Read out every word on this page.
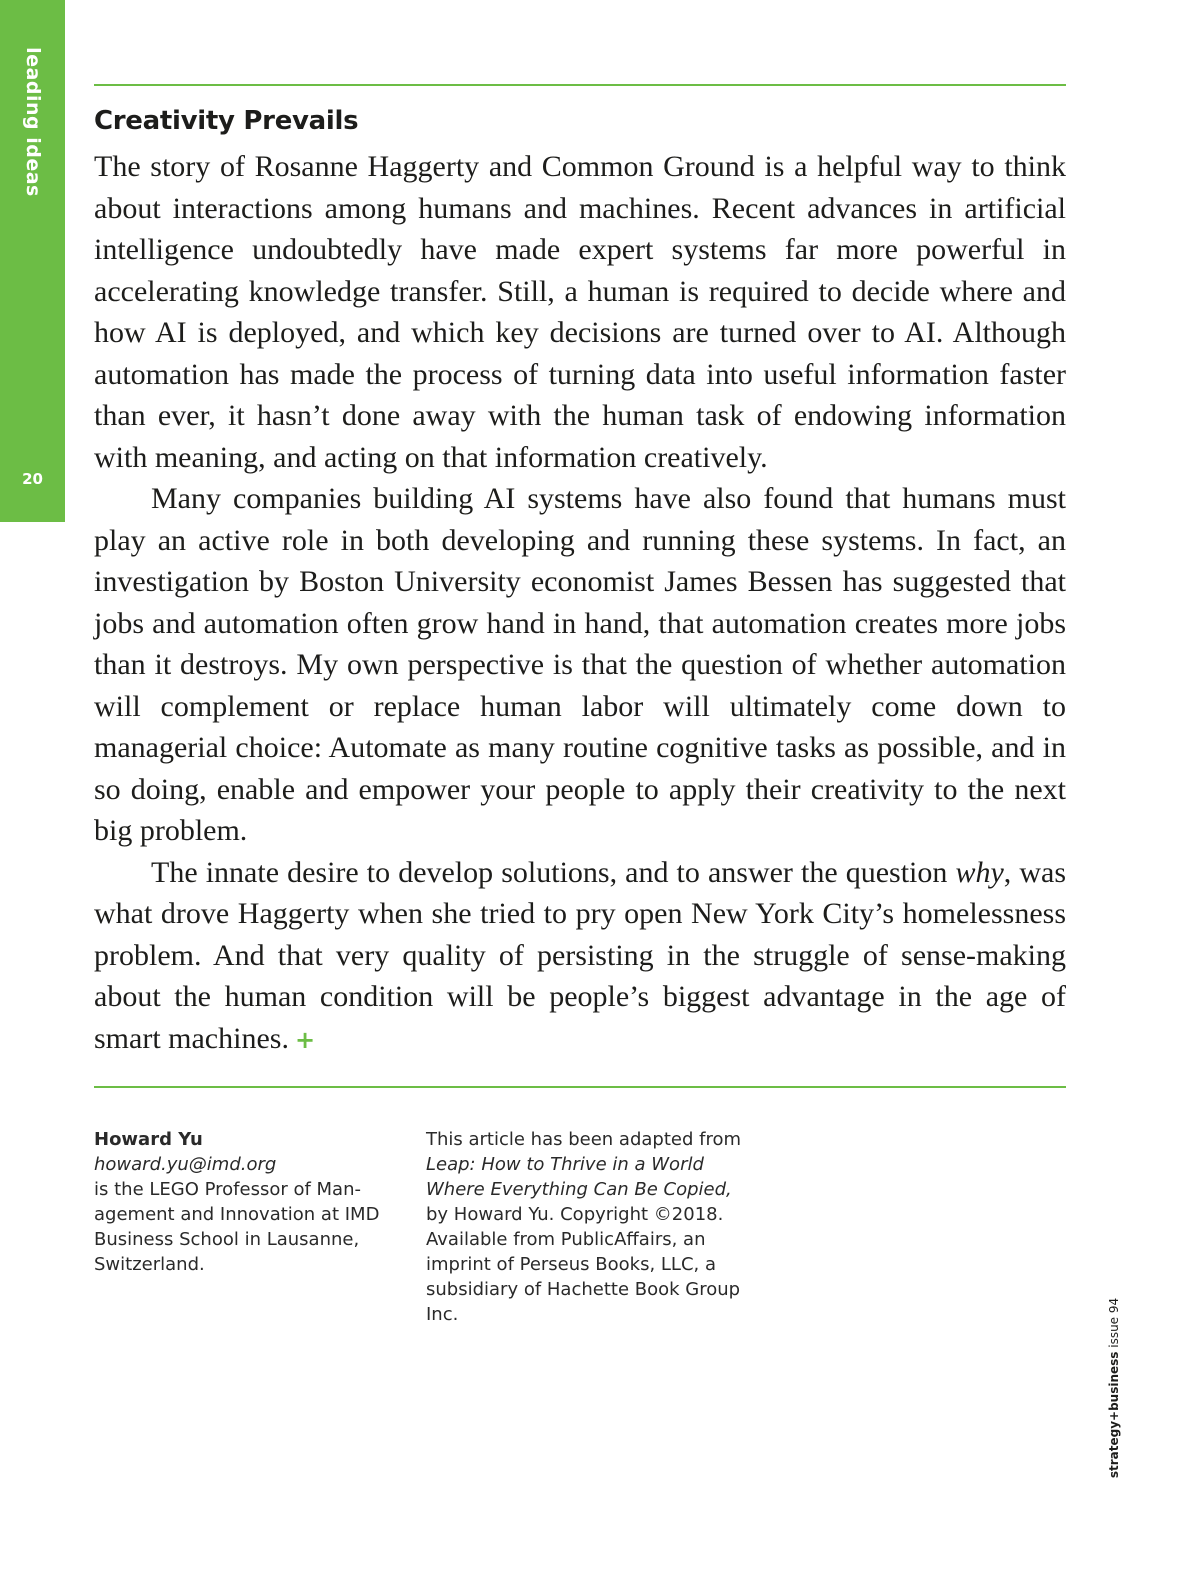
leading ideas
20
Creativity Prevails

The story of Rosanne Haggerty and Common Ground is a helpful way to think about interactions among humans and machines. Recent advances in artificial intelligence undoubtedly have made expert systems far more powerful in accelerating knowledge transfer. Still, a human is required to decide where and how AI is deployed, and which key decisions are turned over to AI. Although automation has made the process of turning data into useful information faster than ever, it hasn’t done away with the human task of endowing information with meaning, and acting on that information creatively.

Many companies building AI systems have also found that humans must play an active role in both developing and running these systems. In fact, an investigation by Boston University economist James Bessen has suggested that jobs and automation often grow hand in hand, that automation creates more jobs than it destroys. My own perspective is that the question of whether automation will complement or replace human labor will ultimately come down to managerial choice: Automate as many routine cognitive tasks as possible, and in so doing, enable and empower your people to apply their creativity to the next big problem.

The innate desire to develop solutions, and to answer the question why, was what drove Haggerty when she tried to pry open New York City’s homelessness problem. And that very quality of persisting in the struggle of sense-making about the human condition will be people’s biggest advantage in the age of smart machines. +

Howard Yu
howard.yu@imd.org
is the LEGO Professor of Management and Innovation at IMD Business School in Lausanne, Switzerland.
This article has been adapted from Leap: How to Thrive in a World Where Everything Can Be Copied, by Howard Yu. Copyright ©2018. Available from PublicAffairs, an imprint of Perseus Books, LLC, a subsidiary of Hachette Book Group Inc.
strategy+business issue 94
